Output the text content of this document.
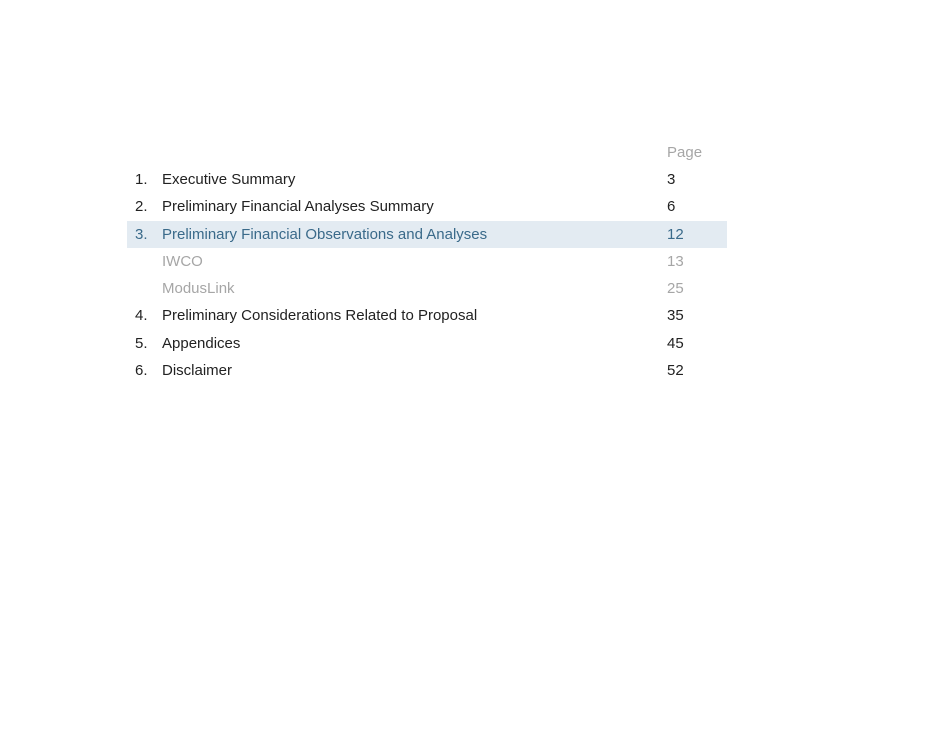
Page
1. Executive Summary	3
2. Preliminary Financial Analyses Summary	6
3. Preliminary Financial Observations and Analyses	12
IWCO	13
ModusLink	25
4. Preliminary Considerations Related to Proposal	35
5. Appendices	45
6. Disclaimer	52
